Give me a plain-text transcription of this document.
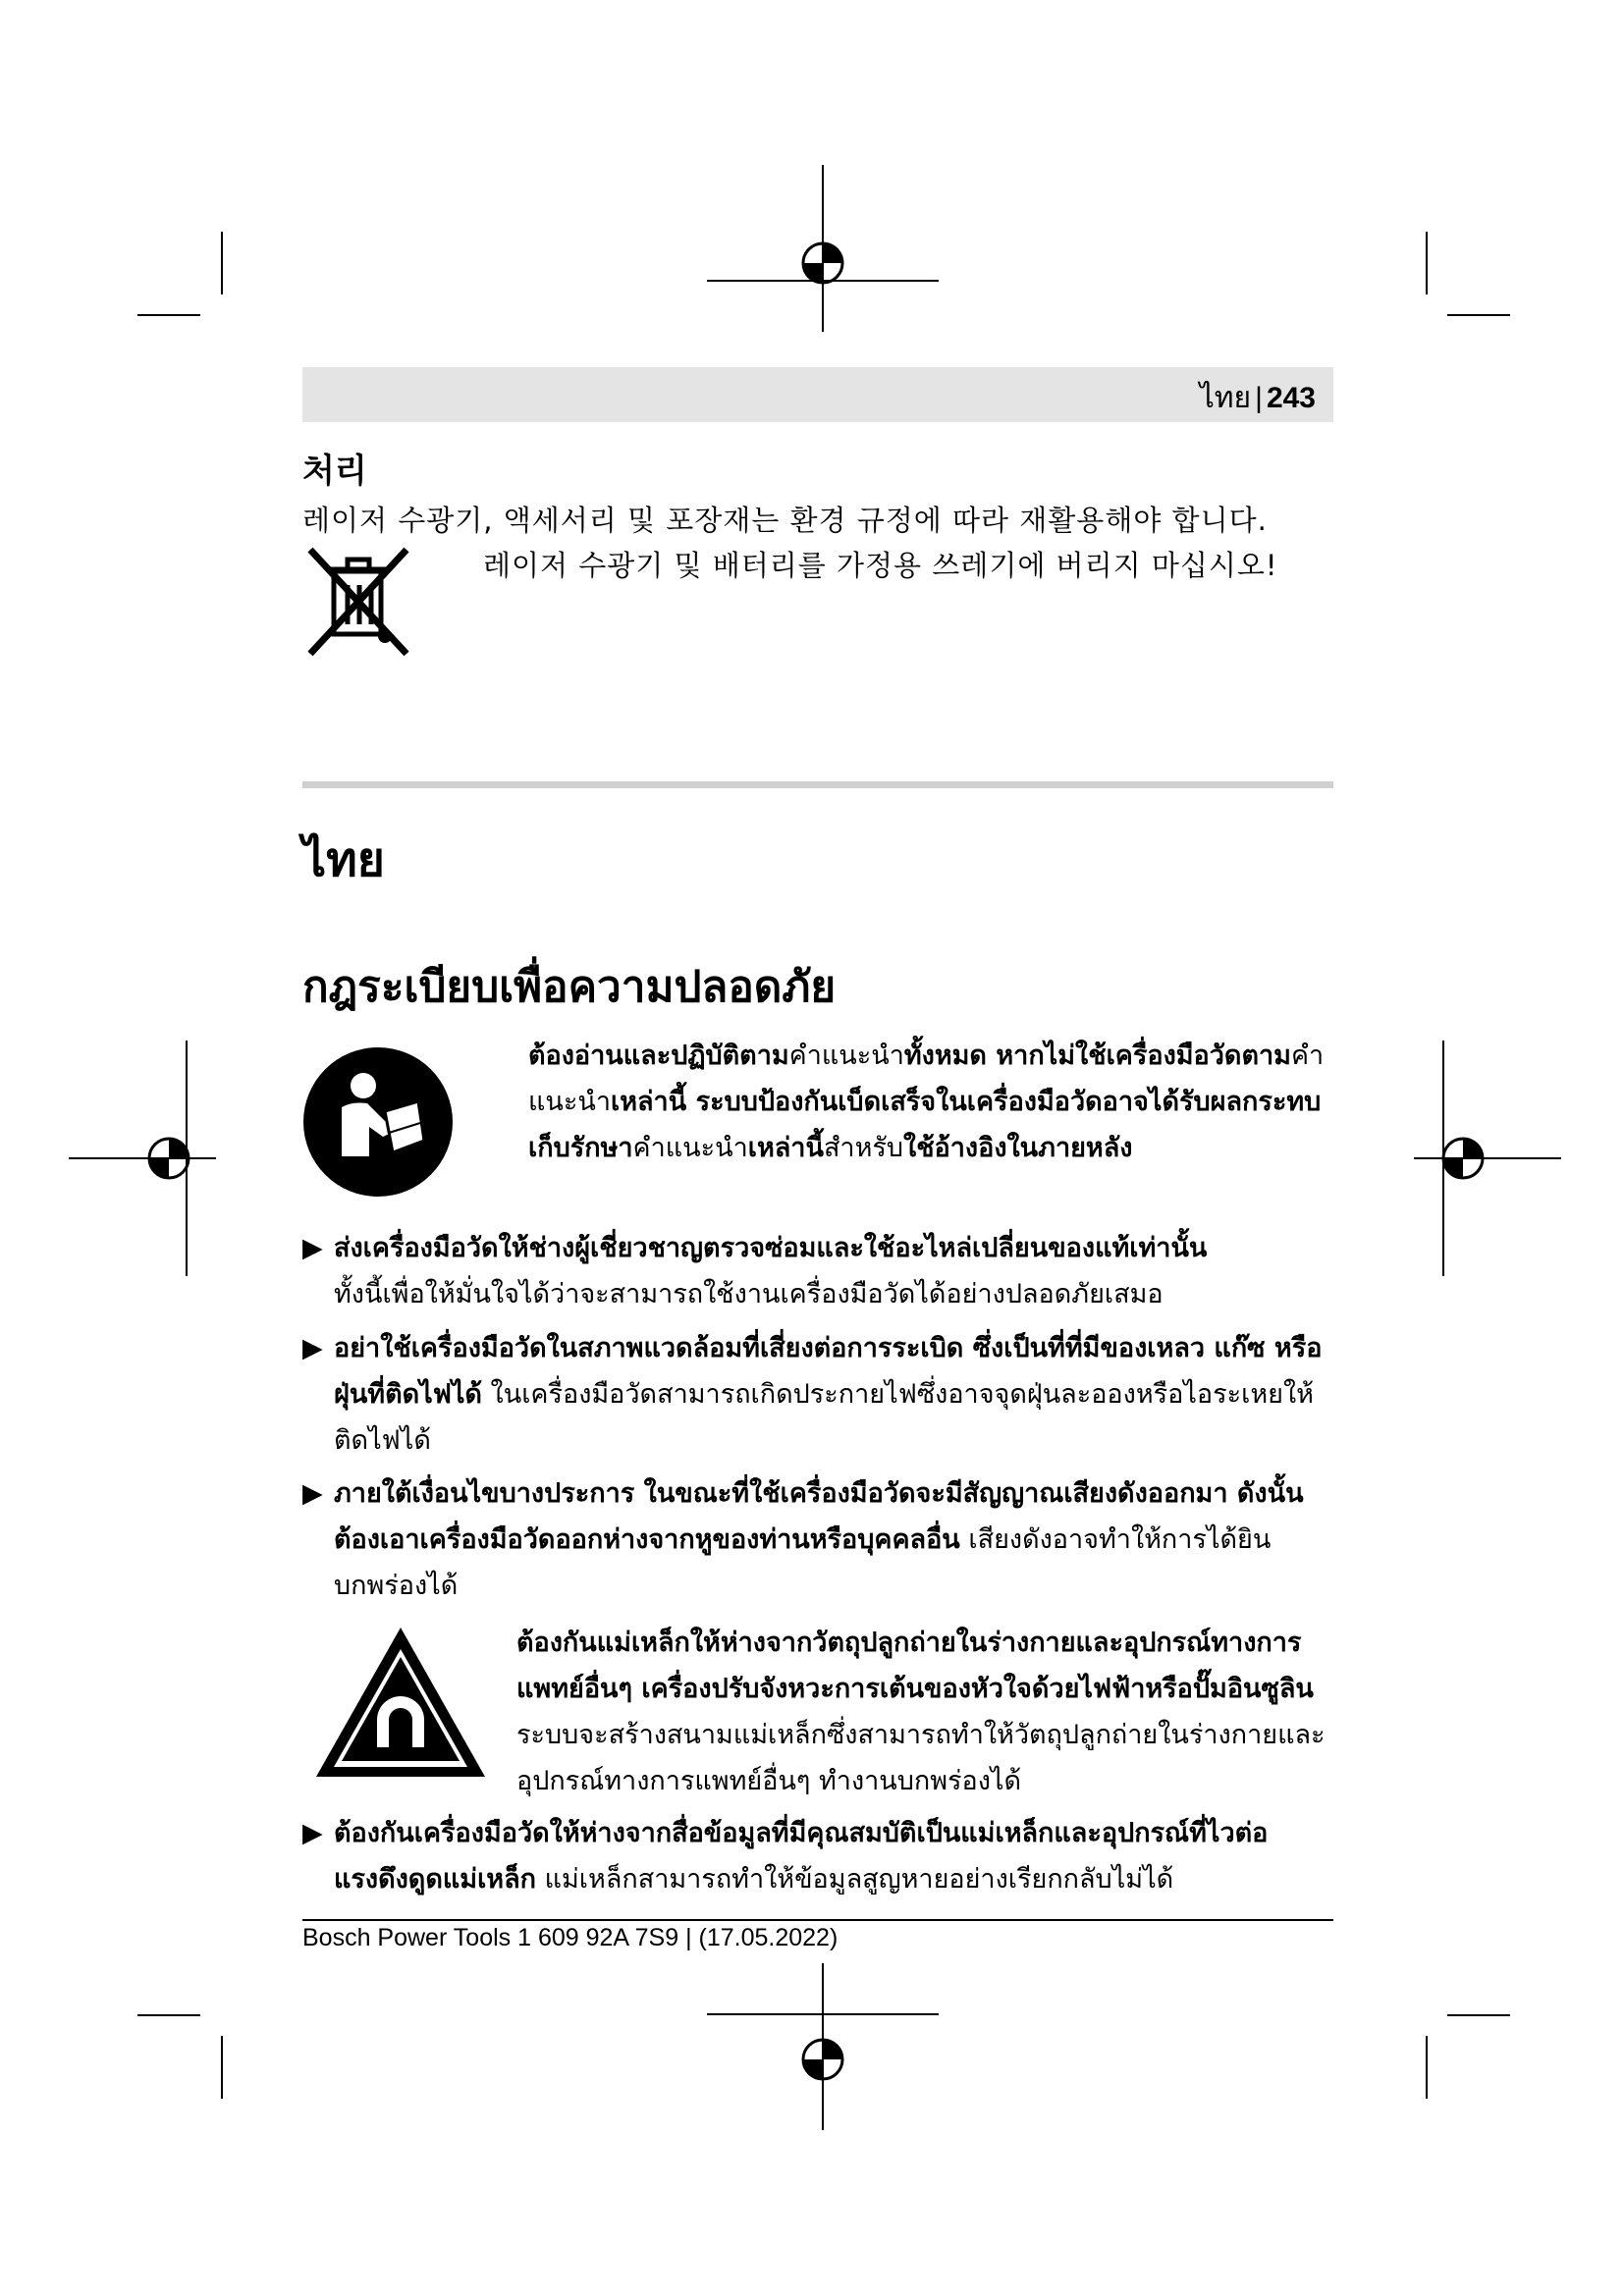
ไทย | 243
처리
레이저 수광기, 액세서리 및 포장재는 환경 규정에 따라 재활용해야 합니다.
레이저 수광기 및 배터리를 가정용 쓰레기에 버리지 마십시오!
ไทย
กฎระเบียบเพื่อความปลอดภัย
ต้องอ่านและปฏิบัติตามคำแนะนำทั้งหมด หากไม่ใช้เครื่องมือวัดตามคำแนะนำเหล่านี้ ระบบป้องกันเบ็ดเสร็จในเครื่องมือวัดอาจได้รับผลกระทบ เก็บรักษาคำแนะนำเหล่านี้สำหรับใช้อ้างอิงในภายหลัง
▶ ส่งเครื่องมือวัดให้ช่างผู้เชี่ยวชาญตรวจซ่อมและใช้อะไหล่เปลี่ยนของแท้เท่านั้น
ทั้งนี้เพื่อให้มั่นใจได้ว่าจะสามารถใช้งานเครื่องมือวัดได้อย่างปลอดภัยเสมอ
▶ อย่าใช้เครื่องมือวัดในสภาพแวดล้อมที่เสี่ยงต่อการระเบิด ซึ่งเป็นที่ที่มีของเหลว แก๊ซ หรือฝุ่นที่ติดไฟได้ ในเครื่องมือวัดสามารถเกิดประกายไฟซึ่งอาจจุดฝุ่นละอองหรือไอระเหยให้ติดไฟได้
▶ ภายใต้เงื่อนไขบางประการ ในขณะที่ใช้เครื่องมือวัดจะมีสัญญาณเสียงดังออกมา ดังนั้นต้องเอาเครื่องมือวัดออกห่างจากหูของท่านหรือบุคคลอื่น เสียงดังอาจทำให้การได้ยินบกพร่องได้
ต้องกันแม่เหล็กให้ห่างจากวัตถุปลูกถ่ายในร่างกายและอุปกรณ์ทางการแพทย์อื่นๆ เครื่องปรับจังหวะการเต้นของหัวใจด้วยไฟฟ้าหรือปั๊มอินซูลิน ระบบจะสร้างสนามแม่เหล็กซึ่งสามารถทำให้วัตถุปลูกถ่ายในร่างกายและอุปกรณ์ทางการแพทย์อื่นๆ ทำงานบกพร่องได้
▶ ต้องกันเครื่องมือวัดให้ห่างจากสื่อข้อมูลที่มีคุณสมบัติเป็นแม่เหล็กและอุปกรณ์ที่ไวต่อแรงดึงดูดแม่เหล็ก แม่เหล็กสามารถทำให้ข้อมูลสูญหายอย่างเรียกกลับไม่ได้
Bosch Power Tools 1 609 92A 7S9 | (17.05.2022)
